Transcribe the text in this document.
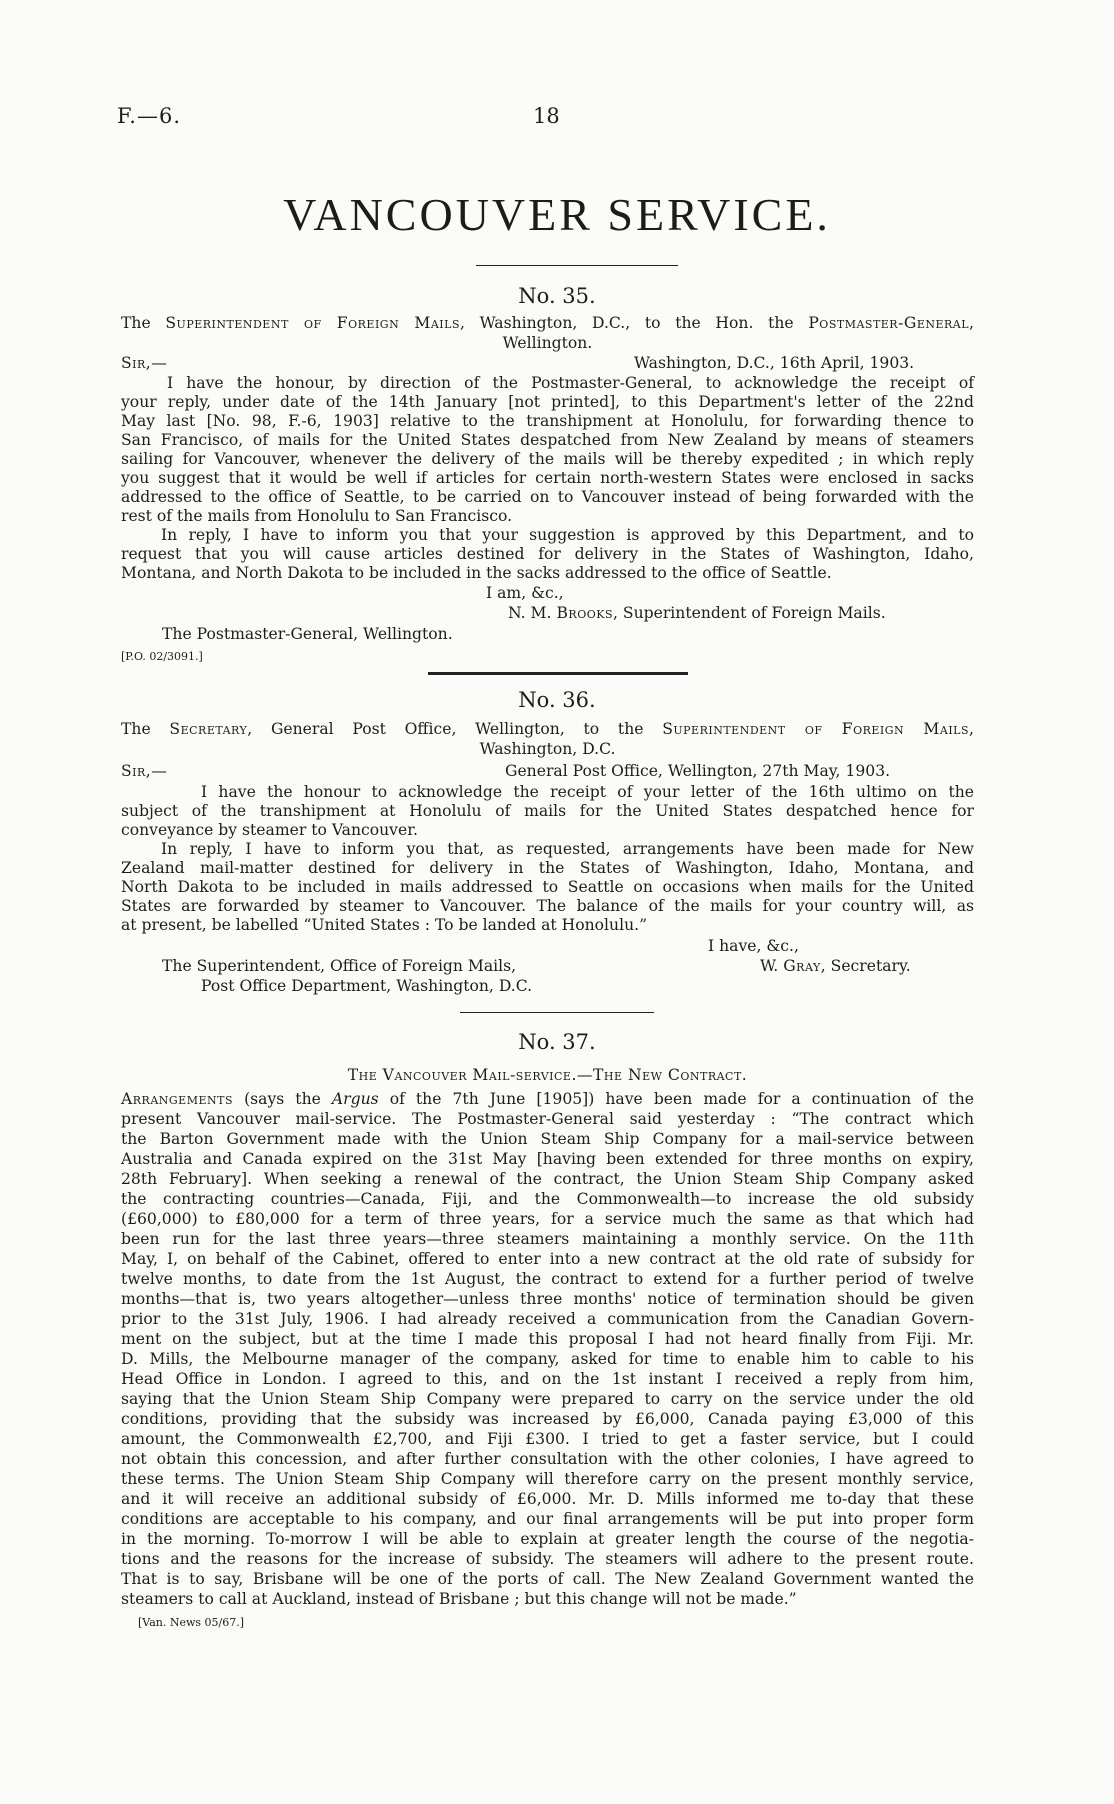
F.—6.	18
VANCOUVER SERVICE.
No. 35.
The Superintendent of Foreign Mails, Washington, D.C., to the Hon. the Postmaster-General,
Wellington.
Sir,—	Washington, D.C., 16th April, 1903.
I have the honour, by direction of the Postmaster-General, to acknowledge the receipt of
your reply, under date of the 14th January [not printed], to this Department's letter of the 22nd
May last [No. 98, F.-6, 1903] relative to the transhipment at Honolulu, for forwarding thence to
San Francisco, of mails for the United States despatched from New Zealand by means of steamers
sailing for Vancouver, whenever the delivery of the mails will be thereby expedited ; in which reply
you suggest that it would be well if articles for certain north-western States were enclosed in sacks
addressed to the office of Seattle, to be carried on to Vancouver instead of being forwarded with the
rest of the mails from Honolulu to San Francisco.
In reply, I have to inform you that your suggestion is approved by this Department, and to
request that you will cause articles destined for delivery in the States of Washington, Idaho,
Montana, and North Dakota to be included in the sacks addressed to the office of Seattle.
I am, &c.,
N. M. Brooks, Superintendent of Foreign Mails.
The Postmaster-General, Wellington.
[P.O. 02/3091.]
No. 36.
The Secretary, General Post Office, Wellington, to the Superintendent of Foreign Mails,
Washington, D.C.
Sir,—	General Post Office, Wellington, 27th May, 1903.
I have the honour to acknowledge the receipt of your letter of the 16th ultimo on the
subject of the transhipment at Honolulu of mails for the United States despatched hence for
conveyance by steamer to Vancouver.
In reply, I have to inform you that, as requested, arrangements have been made for New
Zealand mail-matter destined for delivery in the States of Washington, Idaho, Montana, and
North Dakota to be included in mails addressed to Seattle on occasions when mails for the United
States are forwarded by steamer to Vancouver. The balance of the mails for your country will, as
at present, be labelled “United States : To be landed at Honolulu.”
I have, &c.,
The Superintendent, Office of Foreign Mails,	W. Gray, Secretary.
Post Office Department, Washington, D.C.
No. 37.
The Vancouver Mail-service.—The New Contract.
Arrangements (says the Argus of the 7th June [1905]) have been made for a continuation of the
present Vancouver mail-service. The Postmaster-General said yesterday : “The contract which
the Barton Government made with the Union Steam Ship Company for a mail-service between
Australia and Canada expired on the 31st May [having been extended for three months on expiry,
28th February]. When seeking a renewal of the contract, the Union Steam Ship Company asked
the contracting countries—Canada, Fiji, and the Commonwealth—to increase the old subsidy
(£60,000) to £80,000 for a term of three years, for a service much the same as that which had
been run for the last three years—three steamers maintaining a monthly service. On the 11th
May, I, on behalf of the Cabinet, offered to enter into a new contract at the old rate of subsidy for
twelve months, to date from the 1st August, the contract to extend for a further period of twelve
months—that is, two years altogether—unless three months' notice of termination should be given
prior to the 31st July, 1906. I had already received a communication from the Canadian Govern-
ment on the subject, but at the time I made this proposal I had not heard finally from Fiji. Mr.
D. Mills, the Melbourne manager of the company, asked for time to enable him to cable to his
Head Office in London. I agreed to this, and on the 1st instant I received a reply from him,
saying that the Union Steam Ship Company were prepared to carry on the service under the old
conditions, providing that the subsidy was increased by £6,000, Canada paying £3,000 of this
amount, the Commonwealth £2,700, and Fiji £300. I tried to get a faster service, but I could
not obtain this concession, and after further consultation with the other colonies, I have agreed to
these terms. The Union Steam Ship Company will therefore carry on the present monthly service,
and it will receive an additional subsidy of £6,000. Mr. D. Mills informed me to-day that these
conditions are acceptable to his company, and our final arrangements will be put into proper form
in the morning. To-morrow I will be able to explain at greater length the course of the negotia-
tions and the reasons for the increase of subsidy. The steamers will adhere to the present route.
That is to say, Brisbane will be one of the ports of call. The New Zealand Government wanted the
steamers to call at Auckland, instead of Brisbane ; but this change will not be made.”
[Van. News 05/67.]
